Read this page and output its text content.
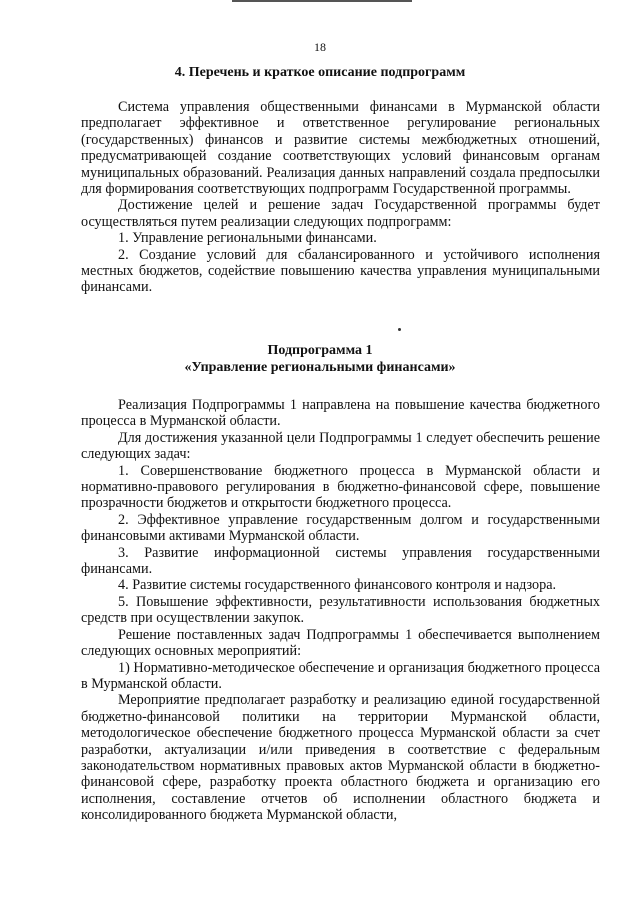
18
4. Перечень и краткое описание подпрограмм

Система управления общественными финансами в Мурманской области предполагает эффективное и ответственное регулирование региональных (государственных) финансов и развитие системы межбюджетных отношений, предусматривающей создание соответствующих условий финансовым органам муниципальных образований. Реализация данных направлений создала предпосылки для формирования соответствующих подпрограмм Государственной программы.

Достижение целей и решение задач Государственной программы будет осуществляться путем реализации следующих подпрограмм:

1. Управление региональными финансами.

2. Создание условий для сбалансированного и устойчивого исполнения местных бюджетов, содействие повышению качества управления муниципальными финансами.

Подпрограмма 1
«Управление региональными финансами»

Реализация Подпрограммы 1 направлена на повышение качества бюджетного процесса в Мурманской области.

Для достижения указанной цели Подпрограммы 1 следует обеспечить решение следующих задач:

1. Совершенствование бюджетного процесса в Мурманской области и нормативно-правового регулирования в бюджетно-финансовой сфере, повышение прозрачности бюджетов и открытости бюджетного процесса.

2. Эффективное управление государственным долгом и государственными финансовыми активами Мурманской области.

3. Развитие информационной системы управления государственными финансами.

4. Развитие системы государственного финансового контроля и надзора.

5. Повышение эффективности, результативности использования бюджетных средств при осуществлении закупок.

Решение поставленных задач Подпрограммы 1 обеспечивается выполнением следующих основных мероприятий:

1) Нормативно-методическое обеспечение и организация бюджетного процесса в Мурманской области.

Мероприятие предполагает разработку и реализацию единой государственной бюджетно-финансовой политики на территории Мурманской области, методологическое обеспечение бюджетного процесса Мурманской области за счет разработки, актуализации и/или приведения в соответствие с федеральным законодательством нормативных правовых актов Мурманской области в бюджетно-финансовой сфере, разработку проекта областного бюджета и организацию его исполнения, составление отчетов об исполнении областного бюджета и консолидированного бюджета Мурманской области,
